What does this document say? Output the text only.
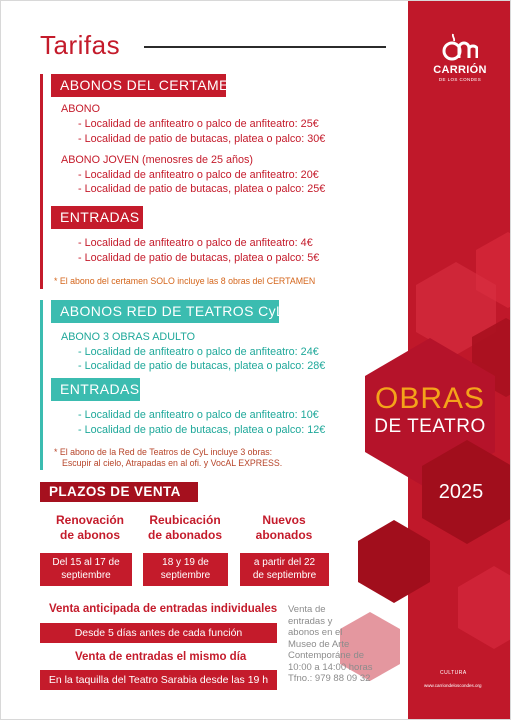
CARRIÓN
DE LOS CONDES
OBRAS
DE TEATRO
2025
CULTURA
www.carriondeloscondes.org
Tarifas
ABONOS DEL CERTAMEN
ABONO
- Localidad de anfiteatro o palco de anfiteatro: 25€
- Localidad de patio de butacas, platea o palco: 30€
ABONO JOVEN (menosres de 25 años)
- Localidad de anfiteatro o palco de anfiteatro: 20€
- Localidad de patio de butacas, platea o palco: 25€
ENTRADAS
- Localidad de anfiteatro o palco de anfiteatro: 4€
- Localidad de patio de butacas, platea o palco: 5€
* El abono del certamen SOLO incluye las 8 obras del CERTAMEN
ABONOS RED DE TEATROS CyL
ABONO 3 OBRAS ADULTO
- Localidad de anfiteatro o palco de anfiteatro: 24€
- Localidad de patio de butacas, platea o palco: 28€
ENTRADAS
- Localidad de anfiteatro o palco de anfiteatro: 10€
- Localidad de patio de butacas, platea o palco: 12€
* El abono de la Red de Teatros de CyL incluye 3 obras:
Escupir al cielo, Atrapadas en al ofi. y VocAL EXPRESS.
PLAZOS DE VENTA
Renovación
de abonos
Reubicación
de abonados
Nuevos
abonados
Del 15 al 17 de
septiembre
18 y 19 de
septiembre
a partir del 22
de septiembre
Venta anticipada de entradas individuales
Desde 5 días antes de cada función
Venta de entradas el mismo día
En la taquilla del Teatro Sarabia desde las 19 h
Venta de
entradas y
abonos en el
Museo de Arte
Contemporáne de
10:00 a 14:00 horas
Tfno.: 979 88 09 32
